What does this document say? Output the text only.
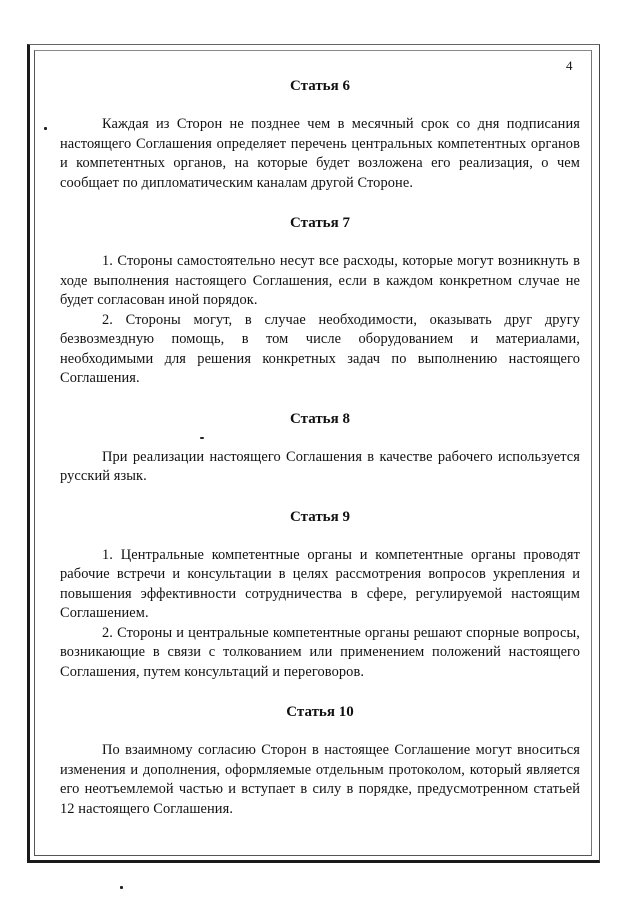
4
Статья 6

Каждая из Сторон не позднее чем в месячный срок со дня подписания настоящего Соглашения определяет перечень центральных компетентных органов и компетентных органов, на которые будет возложена его реализация, о чем сообщает по дипломатическим каналам другой Стороне.

Статья 7

1. Стороны самостоятельно несут все расходы, которые могут возникнуть в ходе выполнения настоящего Соглашения, если в каждом конкретном случае не будет согласован иной порядок.

2. Стороны могут, в случае необходимости, оказывать друг другу безвозмездную помощь, в том числе оборудованием и материалами, необходимыми для решения конкретных задач по выполнению настоящего Соглашения.

Статья 8

При реализации настоящего Соглашения в качестве рабочего используется русский язык.

Статья 9

1. Центральные компетентные органы и компетентные органы проводят рабочие встречи и консультации в целях рассмотрения вопросов укрепления и повышения эффективности сотрудничества в сфере, регулируемой настоящим Соглашением.

2. Стороны и центральные компетентные органы решают спорные вопросы, возникающие в связи с толкованием или применением положений настоящего Соглашения, путем консультаций и переговоров.

Статья 10

По взаимному согласию Сторон в настоящее Соглашение могут вноситься изменения и дополнения, оформляемые отдельным протоколом, который является его неотъемлемой частью и вступает в силу в порядке, предусмотренном статьей 12 настоящего Соглашения.
